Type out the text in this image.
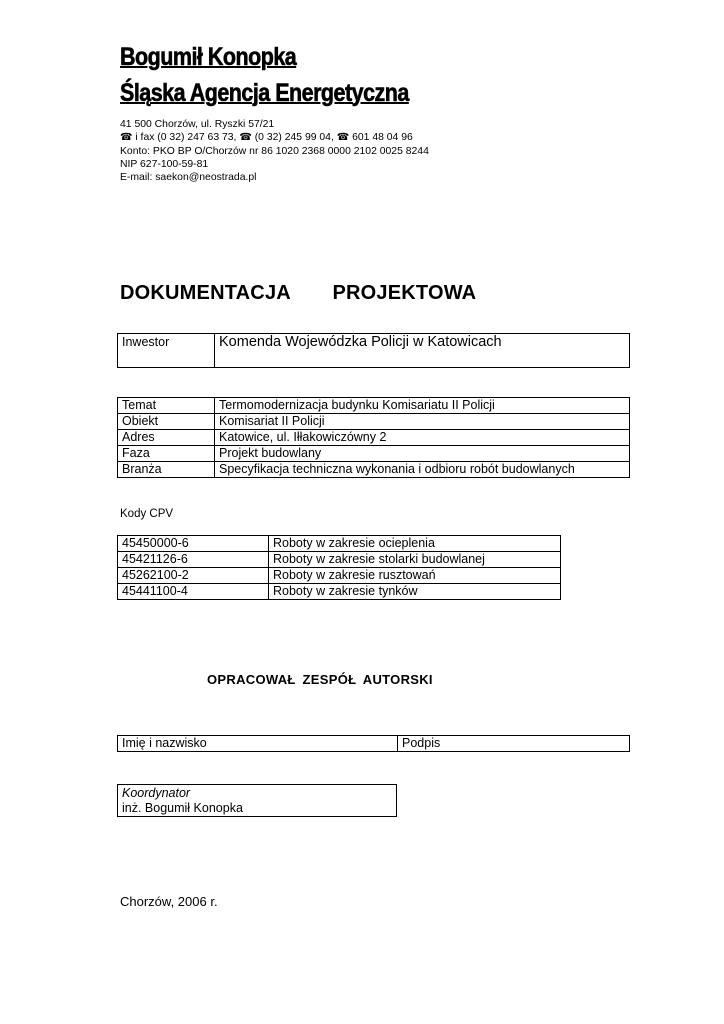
Bogumił Konopka
Śląska Agencja Energetyczna
41 500 Chorzów, ul. Ryszki 57/21
☎ i fax (0 32) 247 63 73, ☎ (0 32) 245 99 04, ☎ 601 48 04 96
Konto: PKO BP O/Chorzów nr 86 1020 2368 0000 2102 0025 8244
NIP 627-100-59-81
E-mail: saekon@neostrada.pl
DOKUMENTACJA PROJEKTOWA
Inwestor	Komenda Wojewódzka Policji w Katowicach
Temat	Termomodernizacja budynku Komisariatu II Policji
Obiekt	Komisariat II Policji
Adres	Katowice, ul. Iłłakowiczówny 2
Faza	Projekt budowlany
Branża	Specyfikacja techniczna wykonania i odbioru robót budowlanych
Kody CPV
45450000-6	Roboty w zakresie ocieplenia
45421126-6	Roboty w zakresie stolarki budowlanej
45262100-2	Roboty w zakresie rusztowań
45441100-4	Roboty w zakresie tynków
OPRACOWAŁ ZESPÓŁ AUTORSKI
Imię i nazwisko	Podpis
Koordynator
inż. Bogumił Konopka
Chorzów, 2006 r.
